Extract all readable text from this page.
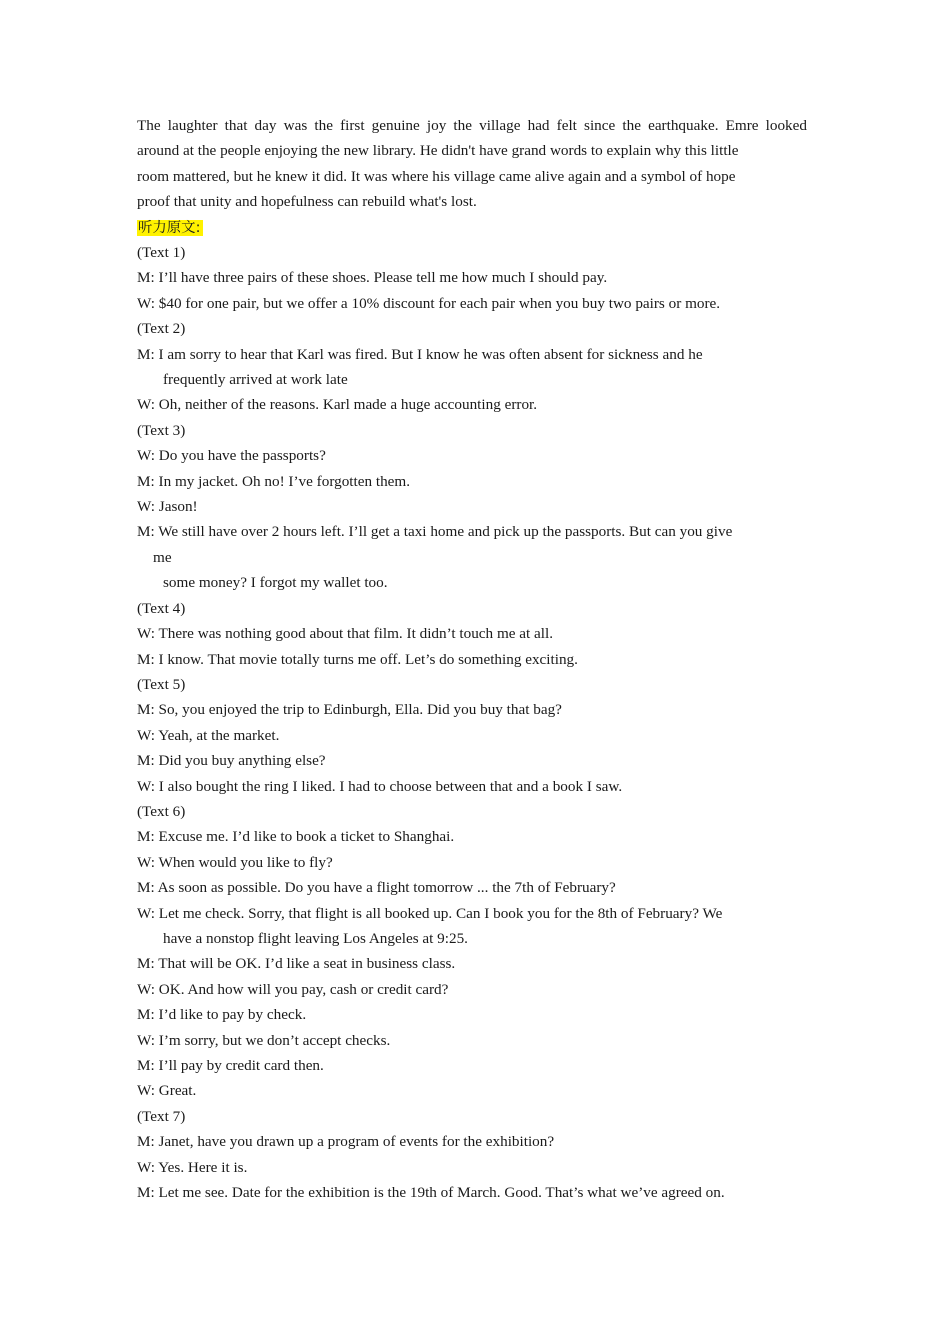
The laughter that day was the first genuine joy the village had felt since the earthquake. Emre looked
around at the people enjoying the new library. He didn't have grand words to explain why this little
room mattered, but he knew it did. It was where his village came alive again and a symbol of hope
proof that unity and hopefulness can rebuild what's lost.

听力原文:

(Text 1)

M: I’ll have three pairs of these shoes. Please tell me how much I should pay.

W: $40 for one pair, but we offer a 10% discount for each pair when you buy two pairs or more.

(Text 2)

M: I am sorry to hear that Karl was fired. But I know he was often absent for sickness and he

frequently arrived at work late

W: Oh, neither of the reasons. Karl made a huge accounting error.

(Text 3)

W: Do you have the passports?

M: In my jacket. Oh no! I’ve forgotten them.

W: Jason!

M: We still have over 2 hours left. I’ll get a taxi home and pick up the passports. But can you give

me

some money? I forgot my wallet too.

(Text 4)

W: There was nothing good about that film. It didn’t touch me at all.

M: I know. That movie totally turns me off. Let’s do something exciting.

(Text 5)

M: So, you enjoyed the trip to Edinburgh, Ella. Did you buy that bag?

W: Yeah, at the market.

M: Did you buy anything else?

W: I also bought the ring I liked. I had to choose between that and a book I saw.

(Text 6)

M: Excuse me. I’d like to book a ticket to Shanghai.

W: When would you like to fly?

M: As soon as possible. Do you have a flight tomorrow ... the 7th of February?

W: Let me check. Sorry, that flight is all booked up. Can I book you for the 8th of February? We

have a nonstop flight leaving Los Angeles at 9:25.

M: That will be OK. I’d like a seat in business class.

W: OK. And how will you pay, cash or credit card?

M: I’d like to pay by check.

W: I’m sorry, but we don’t accept checks.

M: I’ll pay by credit card then.

W: Great.

(Text 7)

M: Janet, have you drawn up a program of events for the exhibition?

W: Yes. Here it is.

M: Let me see. Date for the exhibition is the 19th of March. Good. That’s what we’ve agreed on.
